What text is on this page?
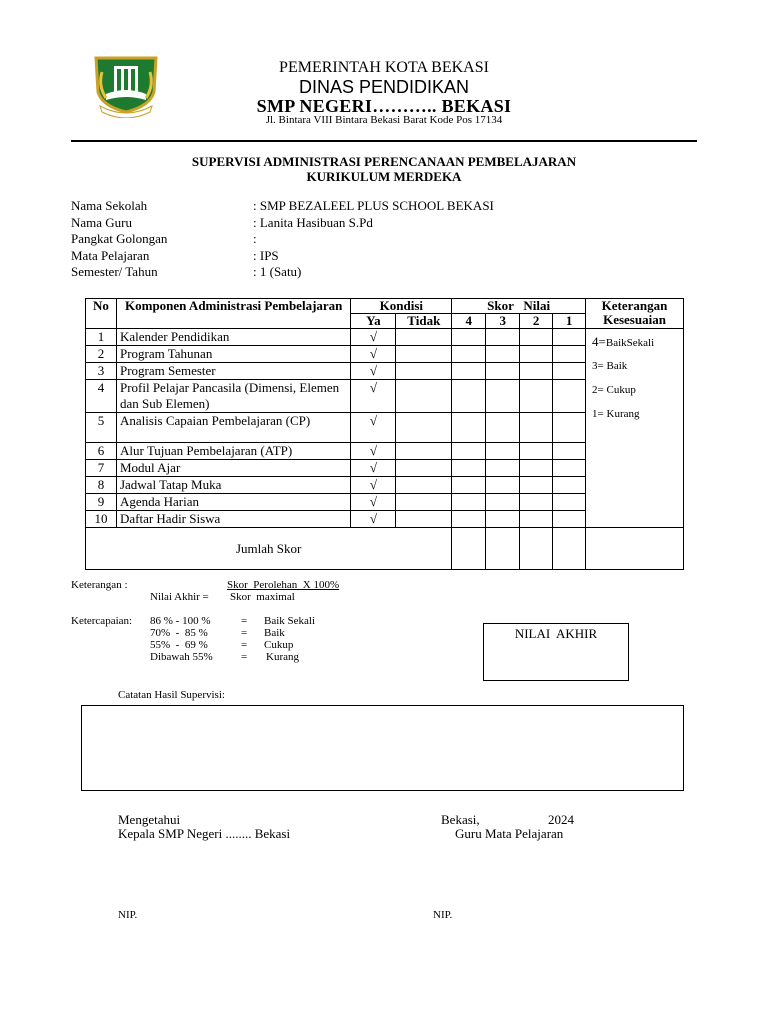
PEMERINTAH KOTA BEKASI
DINAS PENDIDIKAN
SMP NEGERI……….. BEKASI
Jl. Bintara VIII Bintara Bekasi Barat Kode Pos 17134
SUPERVISI ADMINISTRASI PERENCANAAN PEMBELAJARAN
KURIKULUM MERDEKA
Nama Sekolah	: SMP BEZALEEL PLUS SCHOOL BEKASI
Nama Guru	: Lanita Hasibuan S.Pd
Pangkat Golongan	:
Mata Pelajaran	: IPS
Semester/ Tahun	: 1 (Satu)
No	Komponen Administrasi Pembelajaran	Kondisi		Skor   Nilai				Keterangan Kesesuaian
		Ya	Tidak	4	3	2	1	
1	Kalender Pendidikan	√						4=BaikSekali
3= Baik
2= Cukup
1= Kurang

2	Program Tahunan	√						
3	Program Semester	√						
4	Profil Pelajar Pancasila (Dimensi, Elemen dan Sub Elemen)	√						
5	Analisis Capaian Pembelajaran (CP)	√						
6	Alur Tujuan Pembelajaran (ATP)	√						
7	Modul Ajar	√						
8	Jadwal Tatap Muka	√						
9	Agenda Harian	√						
10	Daftar Hadir Siswa	√						
Jumlah Skor								
Keterangan :	Skor  Perolehan  X 100%
Nilai Akhir = Skor  maximal
Ketercapaian: 86 % - 100 %	= Baik Sekali
70%  -  85 %	= Baik
55%  -  69 %	= Cukup
Dibawah 55%	= Kurang
NILAI  AKHIR
Catatan Hasil Supervisi:
Mengetahui
Kepala SMP Negeri ........ Bekasi
Bekasi,	2024
Guru Mata Pelajaran
NIP.	NIP.
